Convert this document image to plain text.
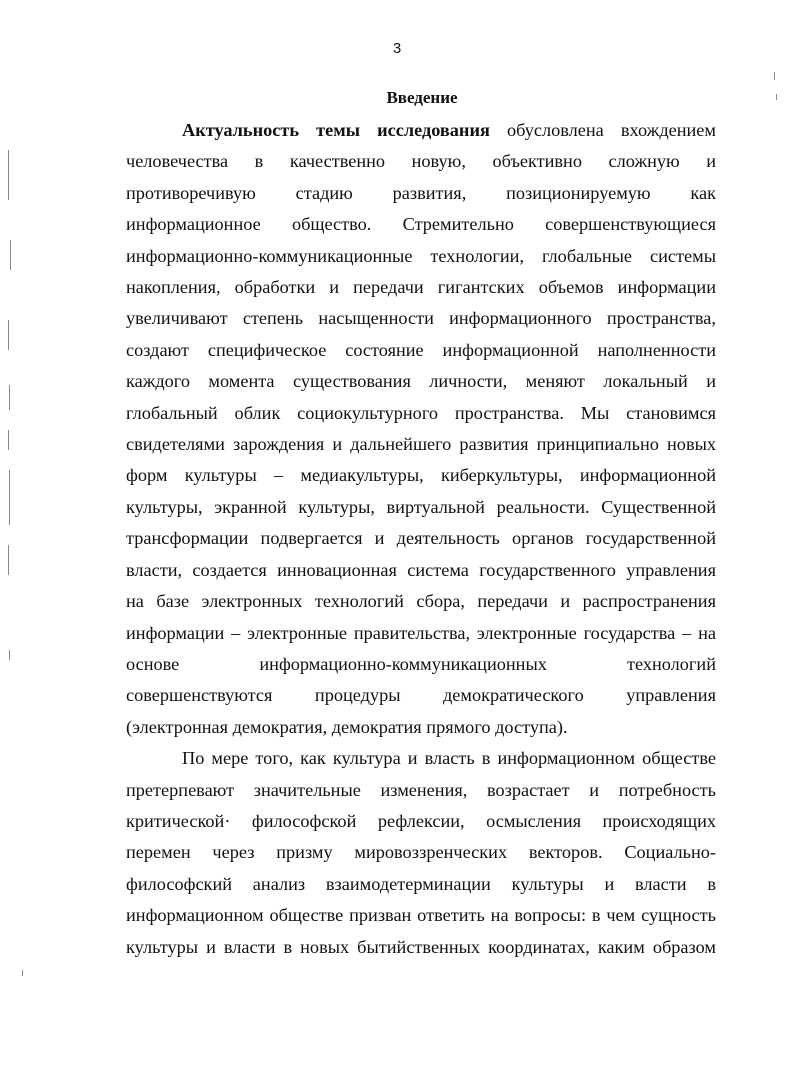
3
Введение

Актуальность темы исследования обусловлена вхождением
человечества в качественно новую, объективно сложную и
противоречивую стадию развития, позиционируемую как
информационное общество. Стремительно совершенствующиеся
информационно-коммуникационные технологии, глобальные системы
накопления, обработки и передачи гигантских объемов информации
увеличивают степень насыщенности информационного пространства,
создают специфическое состояние информационной наполненности
каждого момента существования личности, меняют локальный и
глобальный облик социокультурного пространства. Мы становимся
свидетелями зарождения и дальнейшего развития принципиально новых
форм культуры – медиакультуры, киберкультуры, информационной
культуры, экранной культуры, виртуальной реальности. Существенной
трансформации подвергается и деятельность органов государственной
власти, создается инновационная система государственного управления
на базе электронных технологий сбора, передачи и распространения
информации – электронные правительства, электронные государства – на
основе информационно-коммуникационных технологий
совершенствуются процедуры демократического управления
(электронная демократия, демократия прямого доступа).

По мере того, как культура и власть в информационном обществе
претерпевают значительные изменения, возрастает и потребность
критической· философской рефлексии, осмысления происходящих
перемен через призму мировоззренческих векторов. Социально-
философский анализ взаимодетерминации культуры и власти в
информационном обществе призван ответить на вопросы: в чем сущность
культуры и власти в новых бытийственных координатах, каким образом
